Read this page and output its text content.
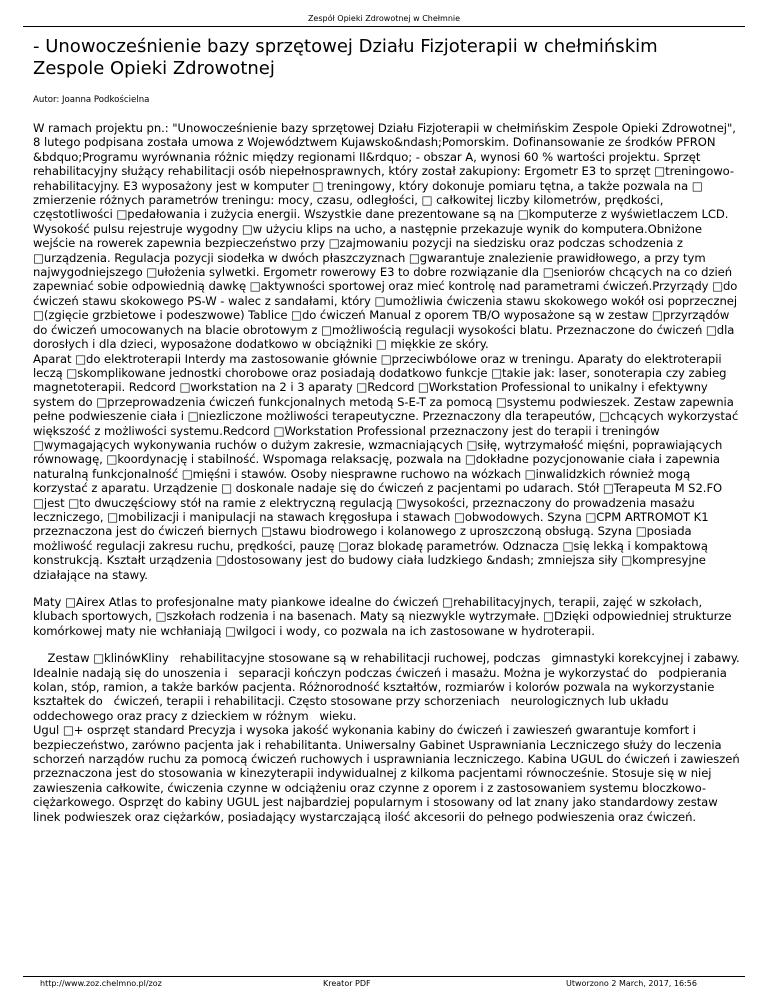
Zespół Opieki Zdrowotnej w Chełmnie
- Unowocześnienie bazy sprzętowej Działu Fizjoterapii w chełmińskim Zespole Opieki Zdrowotnej
Autor: Joanna Podkościelna

W ramach projektu pn.: "Unowocześnienie bazy sprzętowej Działu Fizjoterapii w chełmińskim Zespole Opieki Zdrowotnej", 8 lutego podpisana została umowa z Województwem Kujawsko&ndash;Pomorskim. Dofinansowanie ze środków PFRON &bdquo;Programu wyrównania różnic między regionami II&rdquo; - obszar A, wynosi 60 % wartości projektu. Sprzęt rehabilitacyjny służący rehabilitacji osób niepełnosprawnych, który został zakupiony: Ergometr E3 to sprzęt □treningowo-rehabilitacyjny. E3 wyposażony jest w komputer □ treningowy, który dokonuje pomiaru tętna, a także pozwala na □ zmierzenie różnych parametrów treningu: mocy, czasu, odległości, □ całkowitej liczby kilometrów, prędkości, częstotliwości □pedałowania i zużycia energii. Wszystkie dane prezentowane są na □komputerze z wyświetlaczem LCD. Wysokość pulsu rejestruje wygodny □w użyciu klips na ucho, a następnie przekazuje wynik do komputera.Obniżone wejście na rowerek zapewnia bezpieczeństwo przy □zajmowaniu pozycji na siedzisku oraz podczas schodzenia z □urządzenia. Regulacja pozycji siodełka w dwóch płaszczyznach □gwarantuje znalezienie prawidłowego, a przy tym najwygodniejszego □ułożenia sylwetki. Ergometr rowerowy E3 to dobre rozwiązanie dla □seniorów chcących na co dzień zapewniać sobie odpowiednią dawkę □aktywności sportowej oraz mieć kontrolę nad parametrami ćwiczeń.Przyrządy □do ćwiczeń stawu skokowego PS-W - walec z sandałami, który □umożliwia ćwiczenia stawu skokowego wokół osi poprzecznej □(zgięcie grzbietowe i podeszwowe) Tablice □do ćwiczeń Manual z oporem TB/O wyposażone są w zestaw □przyrządów do ćwiczeń umocowanych na blacie obrotowym z □możliwością regulacji wysokości blatu. Przeznaczone do ćwiczeń □dla dorosłych i dla dzieci, wyposażone dodatkowo w obciążniki □ miękkie ze skóry.

Aparat □do elektroterapii Interdy ma zastosowanie głównie □przeciwbólowe oraz w treningu. Aparaty do elektroterapii leczą □skomplikowane jednostki chorobowe oraz posiadają dodatkowo funkcje □takie jak: laser, sonoterapia czy zabieg magnetoterapii. Redcord □workstation na 2 i 3 aparaty □Redcord □Workstation Professional to unikalny i efektywny system do □przeprowadzenia ćwiczeń funkcjonalnych metodą S-E-T za pomocą □systemu podwieszek. Zestaw zapewnia pełne podwieszenie ciała i □niezliczone możliwości terapeutyczne. Przeznaczony dla terapeutów, □chcących wykorzystać większość z możliwości systemu.Redcord □Workstation Professional przeznaczony jest do terapii i treningów □wymagających wykonywania ruchów o dużym zakresie, wzmacniających □siłę, wytrzymałość mięśni, poprawiających równowagę, □koordynację i stabilność. Wspomaga relaksację, pozwala na □dokładne pozycjonowanie ciała i zapewnia naturalną funkcjonalność □mięśni i stawów. Osoby niesprawne ruchowo na wózkach □inwalidzkich również mogą korzystać z aparatu. Urządzenie □ doskonale nadaje się do ćwiczeń z pacjentami po udarach. Stół □Terapeuta M S2.FO □jest □to dwuczęściowy stół na ramie z elektryczną regulacją □wysokości, przeznaczony do prowadzenia masażu leczniczego, □mobilizacji i manipulacji na stawach kręgosłupa i stawach □obwodowych. Szyna □CPM ARTROMOT K1 przeznaczona jest do ćwiczeń biernych □stawu biodrowego i kolanowego z uproszczoną obsługą. Szyna □posiada możliwość regulacji zakresu ruchu, prędkości, pauzę □oraz blokadę parametrów. Odznacza □się lekką i kompaktową konstrukcją. Kształt urządzenia □dostosowany jest do budowy ciała ludzkiego &ndash; zmniejsza siły □kompresyjne działające na stawy.

Maty □Airex Atlas to profesjonalne maty piankowe idealne do ćwiczeń □rehabilitacyjnych, terapii, zajęć w szkołach, klubach sportowych, □szkołach rodzenia i na basenach. Maty są niezwykle wytrzymałe. □Dzięki odpowiedniej strukturze komórkowej maty nie wchłaniają □wilgoci i wody, co pozwala na ich zastosowane w hydroterapii.

Zestaw □klinówKliny   rehabilitacyjne stosowane są w rehabilitacji ruchowej, podczas   gimnastyki korekcyjnej i zabawy. Idealnie nadają się do unoszenia i   separacji kończyn podczas ćwiczeń i masażu. Można je wykorzystać do   podpierania kolan, stóp, ramion, a także barków pacjenta. Różnorodność kształtów, rozmiarów i kolorów pozwala na wykorzystanie kształtek do   ćwiczeń, terapii i rehabilitacji. Często stosowane przy schorzeniach   neurologicznych lub układu oddechowego oraz pracy z dzieckiem w różnym   wieku.

Ugul □+ osprzęt standard Precyzja i wysoka jakość wykonania kabiny do ćwiczeń i zawieszeń gwarantuje komfort i bezpieczeństwo, zarówno pacjenta jak i rehabilitanta. Uniwersalny Gabinet Usprawniania Leczniczego służy do leczenia schorzeń narządów ruchu za pomocą ćwiczeń ruchowych i usprawniania leczniczego. Kabina UGUL do ćwiczeń i zawieszeń przeznaczona jest do stosowania w kinezyterapii indywidualnej z kilkoma pacjentami równocześnie. Stosuje się w niej zawieszenia całkowite, ćwiczenia czynne w odciążeniu oraz czynne z oporem i z zastosowaniem systemu bloczkowo-ciężarkowego. Osprzęt do kabiny UGUL jest najbardziej popularnym i stosowany od lat znany jako standardowy zestaw linek podwieszek oraz ciężarków, posiadający wystarczającą ilość akcesorii do pełnego podwieszenia oraz ćwiczeń.

http://www.zoz.chelmno.pl/zoz	Kreator PDF	Utworzono 2 March, 2017, 16:56
